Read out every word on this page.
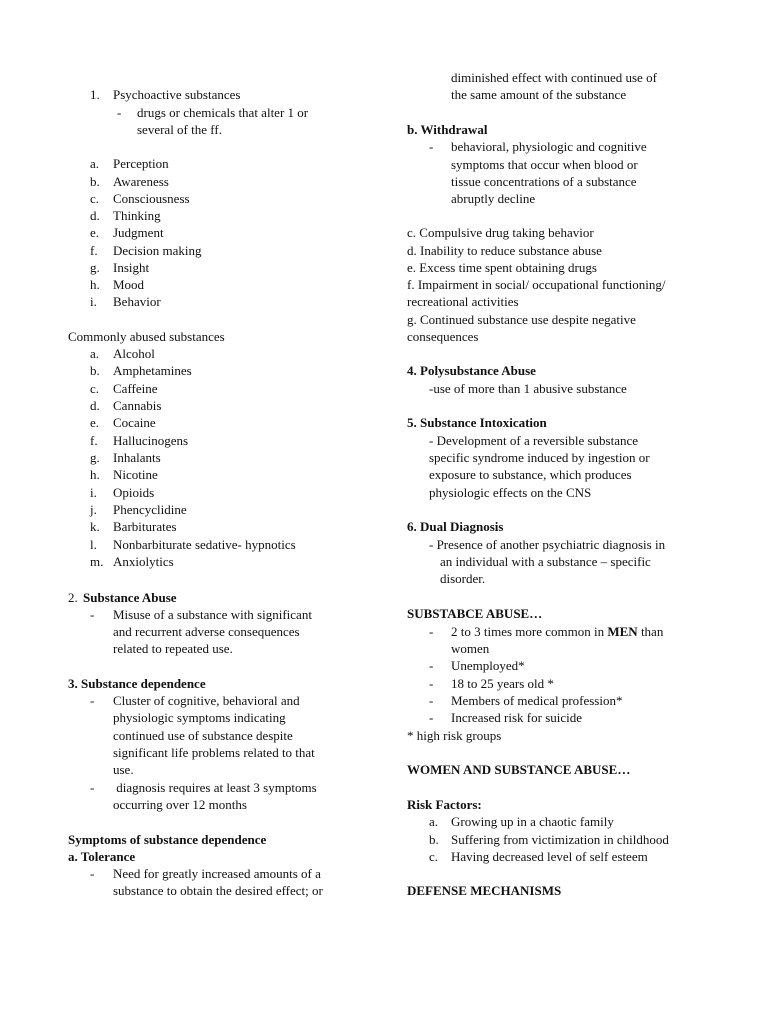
1. Psychoactive substances
- drugs or chemicals that alter 1 or
several of the ff.
a. Perception
b. Awareness
c. Consciousness
d. Thinking
e. Judgment
f. Decision making
g. Insight
h. Mood
i. Behavior
Commonly abused substances
a. Alcohol
b. Amphetamines
c. Caffeine
d. Cannabis
e. Cocaine
f. Hallucinogens
g. Inhalants
h. Nicotine
i. Opioids
j. Phencyclidine
k. Barbiturates
l. Nonbarbiturate sedative- hypnotics
m. Anxiolytics
2. Substance Abuse
- Misuse of a substance with significant
and recurrent adverse consequences
related to repeated use.
3. Substance dependence
- Cluster of cognitive, behavioral and
physiologic symptoms indicating
continued use of substance despite
significant life problems related to that
use.
- diagnosis requires at least 3 symptoms
occurring over 12 months
Symptoms of substance dependence
a. Tolerance
- Need for greatly increased amounts of a
substance to obtain the desired effect; or
diminished effect with continued use of
the same amount of the substance
b. Withdrawal
- behavioral, physiologic and cognitive
symptoms that occur when blood or
tissue concentrations of a substance
abruptly decline
c. Compulsive drug taking behavior
d. Inability to reduce substance abuse
e. Excess time spent obtaining drugs
f. Impairment in social/ occupational functioning/
recreational activities
g. Continued substance use despite negative
consequences
4. Polysubstance Abuse
-use of more than 1 abusive substance
5. Substance Intoxication
- Development of a reversible substance
specific syndrome induced by ingestion or
exposure to substance, which produces
physiologic effects on the CNS
6. Dual Diagnosis
- Presence of another psychiatric diagnosis in
an individual with a substance – specific
disorder.
SUBSTABCE ABUSE…
- 2 to 3 times more common in MEN than
women
- Unemployed*
- 18 to 25 years old *
- Members of medical profession*
- Increased risk for suicide
* high risk groups
WOMEN AND SUBSTANCE ABUSE…
Risk Factors:
a. Growing up in a chaotic family
b. Suffering from victimization in childhood
c. Having decreased level of self esteem
DEFENSE MECHANISMS
